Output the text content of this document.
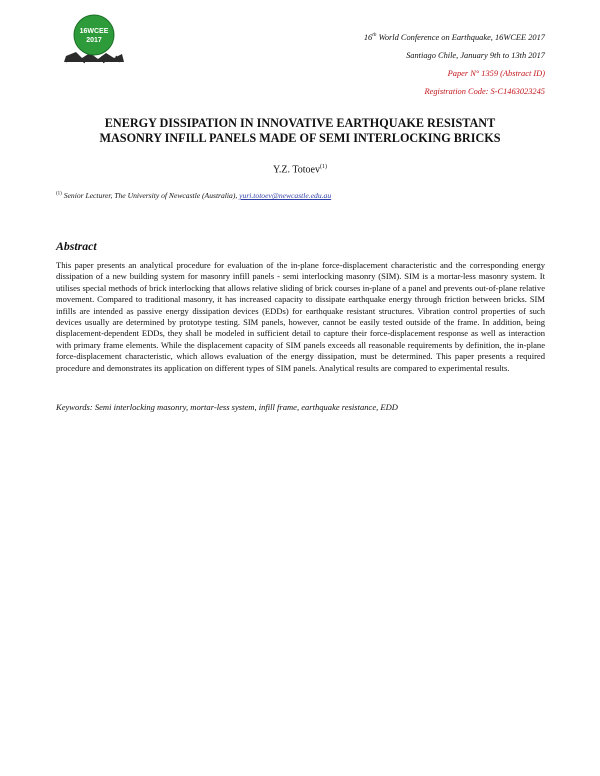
16WCEE
2017	16th World Conference on Earthquake, 16WCEE 2017
Santiago Chile, January 9th to 13th 2017
Paper N° 1359 (Abstract ID)
Registration Code: S-C1463023245
ENERGY DISSIPATION IN INNOVATIVE EARTHQUAKE RESISTANT
MASONRY INFILL PANELS MADE OF SEMI INTERLOCKING BRICKS
Y.Z. Totoev$^{(1)}$
$^{(1)}$ Senior Lecturer, The University of Newcastle (Australia), yuri.totoev@newcastle.edu.au
Abstract
This paper presents an analytical procedure for evaluation of the in-plane force-displacement characteristic and the corresponding energy dissipation of a new building system for masonry infill panels - semi interlocking masonry (SIM). SIM is a mortar-less masonry system. It utilises special methods of brick interlocking that allows relative sliding of brick courses in-plane of a panel and prevents out-of-plane relative movement. Compared to traditional masonry, it has increased capacity to dissipate earthquake energy through friction between bricks. SIM infills are intended as passive energy dissipation devices (EDDs) for earthquake resistant structures. Vibration control properties of such devices usually are determined by prototype testing. SIM panels, however, cannot be easily tested outside of the frame. In addition, being displacement-dependent EDDs, they shall be modeled in sufficient detail to capture their force-displacement response as well as interaction with primary frame elements. While the displacement capacity of SIM panels exceeds all reasonable requirements by definition, the in-plane force-displacement characteristic, which allows evaluation of the energy dissipation, must be determined. This paper presents a required procedure and demonstrates its application on different types of SIM panels. Analytical results are compared to experimental results.
Keywords: Semi interlocking masonry, mortar-less system, infill frame, earthquake resistance, EDD
